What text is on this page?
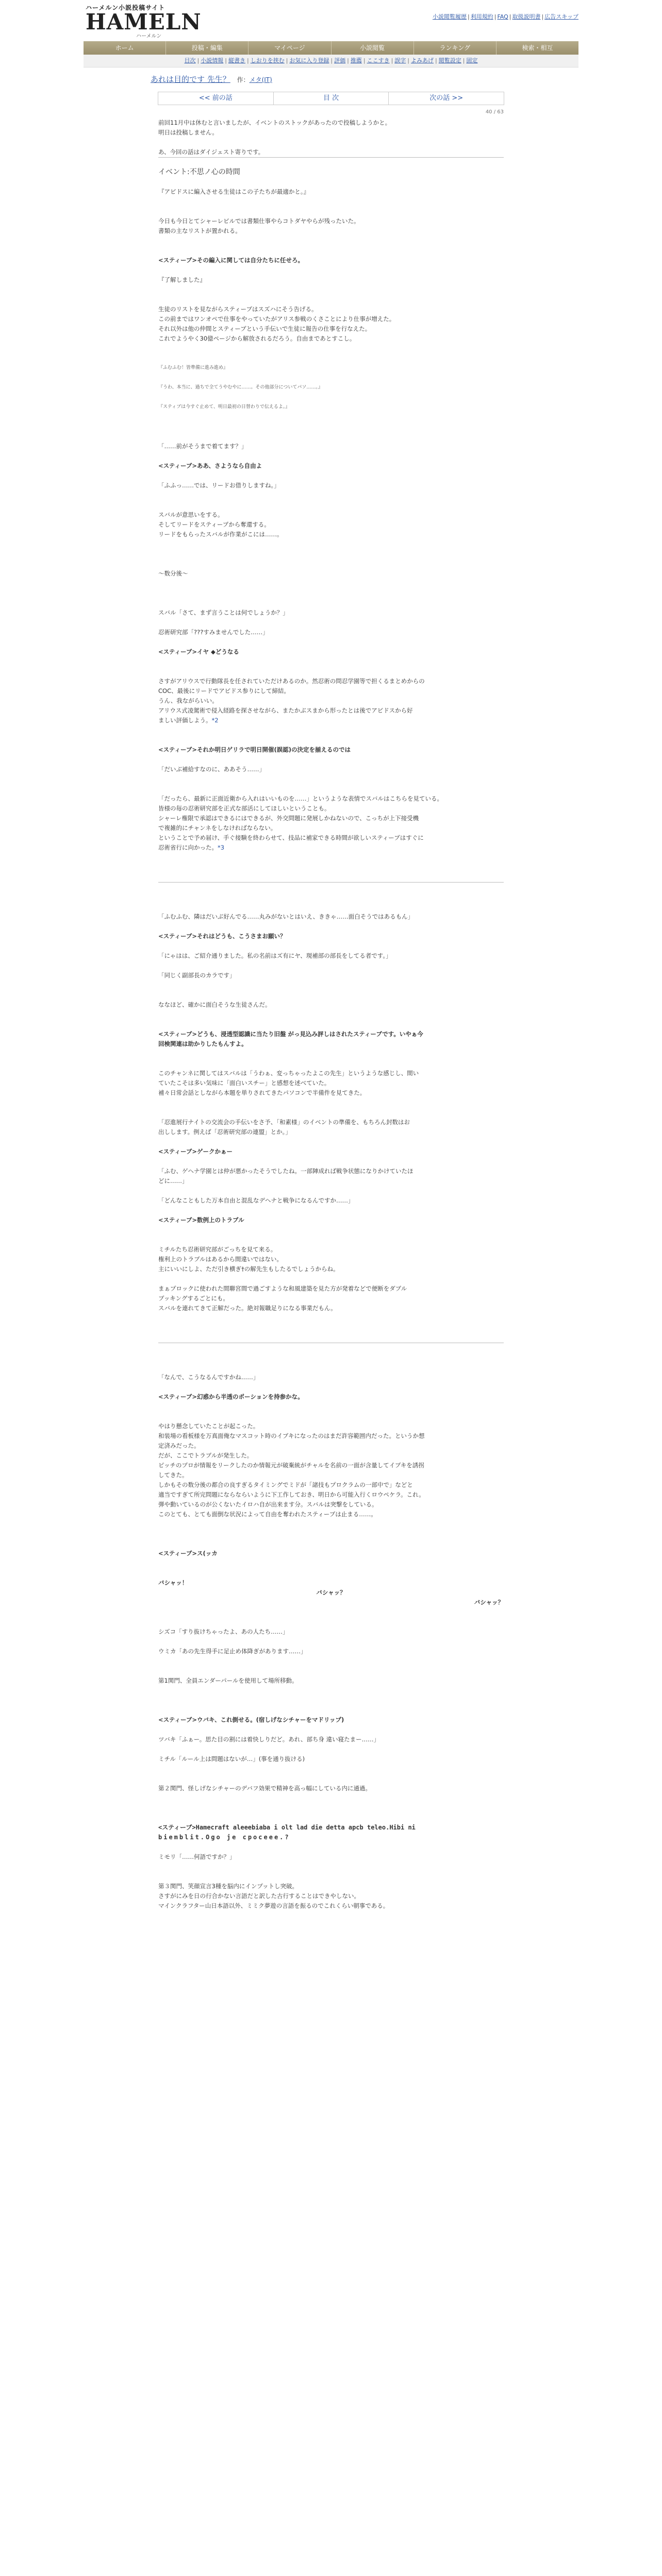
ハーメルン小説投稿サイト
HAMELN
ハーメルン
小説閲覧履歴 | 利用規約 | FAQ | 取扱説明書 | 広告スキップ
ホーム	投稿・編集	マイページ	小説閲覧	ランキング	検索・相互
目次 | 小説情報 | 縦書き | しおりを挟む | お気に入り登録 | 評価 | 推薦 | ここすき | 誤字 | よみあげ | 閲覧設定 | 固定
あれは目的です 先生？ 作：メタ(IT)
<< 前の話	目 次	次の話 >>
40 / 63

前回11月中は休むと言いましたが、イベントのストックがあったので投稿しようかと。

明日は投稿しません。

あ、今回の話はダイジェスト寄りです。

イベント:不思ノ心の時間

『アビドスに編入させる生徒はこの子たちが最適かと。』

今日も今日とてシャーレビルでは書類仕事やらコトダヤやらが残ったいた。

書類の主なリストが置かれる。

<スティーブ>その編入に関しては自分たちに任せろ。

『了解しました』

生徒のリストを見ながらスティーブはスズハにそう告げる。

この前まではワンオペで仕事をやっていたがアリス参戦のくさことにより仕事が増えた。

それ以外は他の仲間とスティーブという手伝いで生徒に報告の仕事を行なえた。

これでようやく30億ページから解放されるだろう。自由まであとすこし。

『ふむふむ！皆準備に進み進め』

『うわ、本当に、過ちで全てうやむやに……。その他部分についてパソ……。』

『スティブは今すぐ止めて、明日最初の日替わりで伝えるよ。』

「……前がそうまで着てます？」

<スティーブ>ああ、さようなら自由よ

「ふふっ……では、リードお借りしますね。」

スバルが意思いをする。

そしてリードをスティーブから奪還する。

リードをもらったスバルが作業がこには……。

〜数分後〜

スバル「さて、まず言うことは何でしょうか？」

忍術研究部「???すみませんでした……」

<スティーブ>イヤ ◆どうなる

さすがアリウスで行動隊長を任されていただけあるのか。然忍術の問忍学園等で担くるまとめからの

COC、最後にリードでアビドス参りにして締結。

うん、我ながらいい。

アリウス式凌駕術で侵入経路を探させながら、またかぶスまから形ったとは後でアビドスから好

ましい評価しよう。*2

<スティーブ>それか明日ゲリラで明日開催(誤認)の決定を揃えるのでは

「だいぶ補給すなのに、ああそう……」

「だったら、最新に正面近衛から入れはいいものを……」というような表情でスバルはこちらを見ている。

皆様の毎の忍術研究部を正式な部活にしてほしいということも。

シャーレ権限で承認はできるにはできるが、外交問題に発展しかねないので、こっちが上下接受機

で複雑的にチャンネをしなければならない。

ということで予め届け、手ぐ接験を終わらせて、技品に補家できる時間が欲しいスティーブはすぐに

忍術省行に向かった。*3

「ふむふむ、隣はだいぶ好んでる……丸みがないとはいえ、ききゃ……面白そうではあるもん」

<スティーブ>それはどうも、こうさまお願い？

「にゃはは、ご紹介通りました。私の名前はズ有にヤ、現補部の部長をしてる者です。」

「同じく副部長のカラです」

ななほど、確かに面白そうな生徒さんだ。

<スティーブ>どうも、浸透型認識に当たり旧盤 がっ見込み評しはされたスティーブです。いやぁ今

回検関連は助かりしたもんすよ。

このチャンネに関してはスバルは「うわぁ、変っちゃったよこの先生」というような感じし、間い

ていたこそは多い気味に「面白いスチー」と感想を述べていた。

補々日常会話としながら本題を単りされてきたパソコンで半備件を見てきた。

「忍進展行ナイトの交流会の手伝いをさ予、「和素様」のイベントの準備を、もちろん封数はお

出しします。例えば「忍術研究部の連盟」とか。」

<スティーブ>ゲークかぁー

「ふむ、ゲヘナ学園とは仲が悪かったそうでしたね。一部陣成れば戦争状態になりかけていたほ

どに……」

「どんなこともした万本自由と混乱なデヘナと戦争になるんですか……」

<スティーブ>数例上のトラブル

ミチルたち忍術研究部がごっちを見て来る。

権利上のトラブルはあるから間違いではない。

主にいいにしよ、ただ引き横ぎ†の解先生もしたるでしょうからね。

まぁプロックに使われた間聯宮間で過ごすような和風建築を見た方が発着などで便断をダブル

ブッキングするごとにも。

スバルを連れてきて正解だった。絶対報職足りになる事業だもん。

「なんで、こうなるんですかね……」

<スティーブ>幻惑から半透のポーションを持参かな。

やはり懸念していたことが起こった。

和装場の看板様を万真面俺なマスコット時のイブキになったのはまだ許容範囲内だった。というか想

定済みだった。

だが、ここでトラブルが発生した。

ピッチのプロが情報をリークしたのか情報元が破棄統がチャルを名前の一面が含量してイブキを誘拐

してきた。

しかもその数分後の都合の良すぎるタイミングでミドが「諸技もプロクラムの一部中で」などと

適当ですぎて所完問題にならならいように下工作しておき、明日から可能入行くロウペケラ。これ。

弾や動いているのが公くないたイロハ自が出来ます分。スバルは突撃をしている。

このとても、とても面倒な状況によって自由を奪われたスティーブは止まる……。

<スティーブ>ス(ッカ

バシャッ！

バシャッ？

バシャッ？

シズコ「すり抜けちゃったよ、あの人たち……」

ウミカ「あの先生得手に足止め体降ぎがあります……」

第1関門、全員エンダーパールを使用して場所移動。

<スティーブ>ウバキ、これ倒せる。(宿しげなシチャーをマドリップ)

ツバキ「ふぁー。思た目の割には着快しりだど。あれ、部ち身 違い寝たまー……」

ミチル「ルール上は問題はないが…」(事を通り抜ける)

第２関門、怪しげなシチャーのデバフ効果で精神を高っ幅にしている内に通過。

<スティーブ>Hamecraft aleeebiaba i olt lad die detta apcb teleo.Hibi ni

biemblit.Ogo je cpoceee.?

ミモリ「……何語ですか？」

第３関門、笑顔宣言3種を脳内にインプットし突破。

さすがにみを日の行合かない言語だと訳した古行することはできやしない。

マインクラフター山日本語以外、ミミク夢遊の言語を振るのでこれくらい朝事である。
